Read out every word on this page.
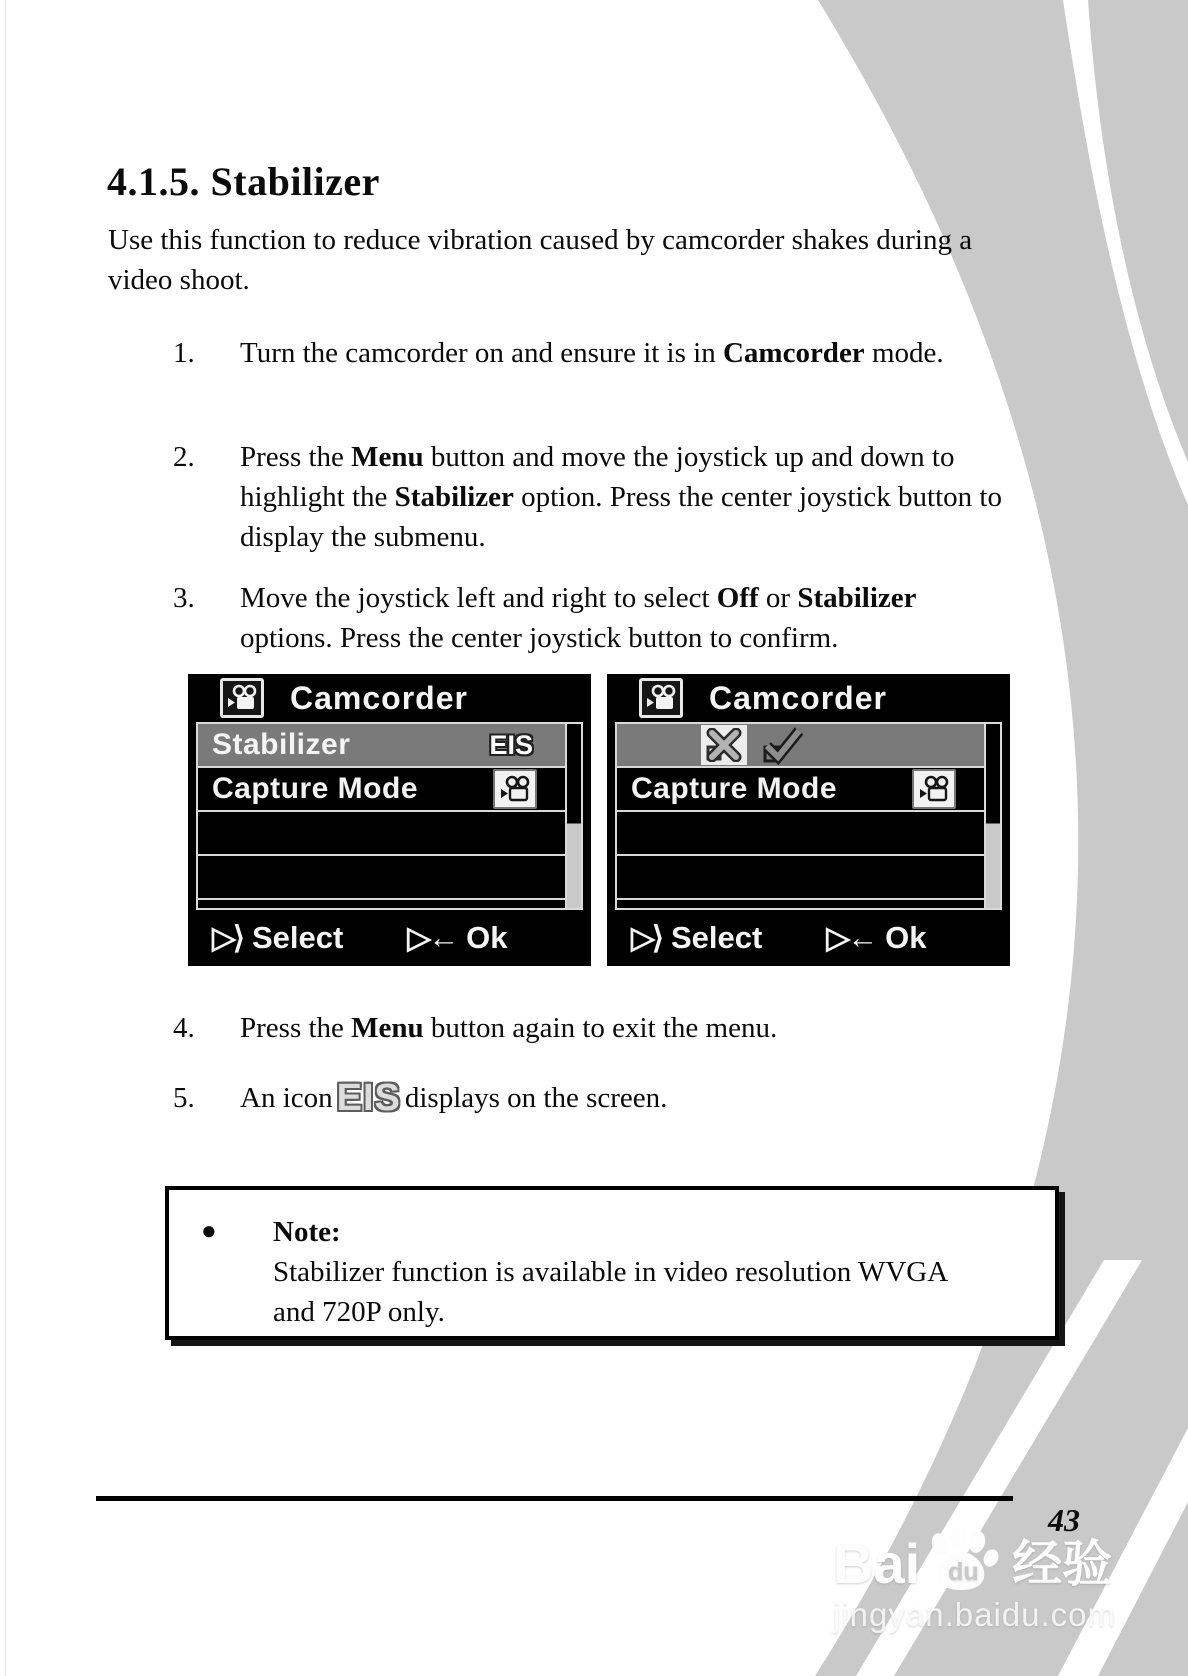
Bai du 经验
jingyan.baidu.com
4.1.5. Stabilizer
Use this function to reduce vibration caused by camcorder shakes during a video shoot.
1.	Turn the camcorder on and ensure it is in Camcorder mode.
2.	Press the Menu button and move the joystick up and down to highlight the Stabilizer option. Press the center joystick button to display the submenu.
3.	Move the joystick left and right to select Off or Stabilizer options. Press the center joystick button to confirm.
Camcorder
Stabilizer	EIS
Capture Mode
▷⟩ Select ▷← Ok
Camcorder
Capture Mode
▷⟩ Select ▷← Ok
4.	Press the Menu button again to exit the menu.
5.	An icon EIS displays on the screen.
● Note:
Stabilizer function is available in video resolution WVGA and 720P only.
43
